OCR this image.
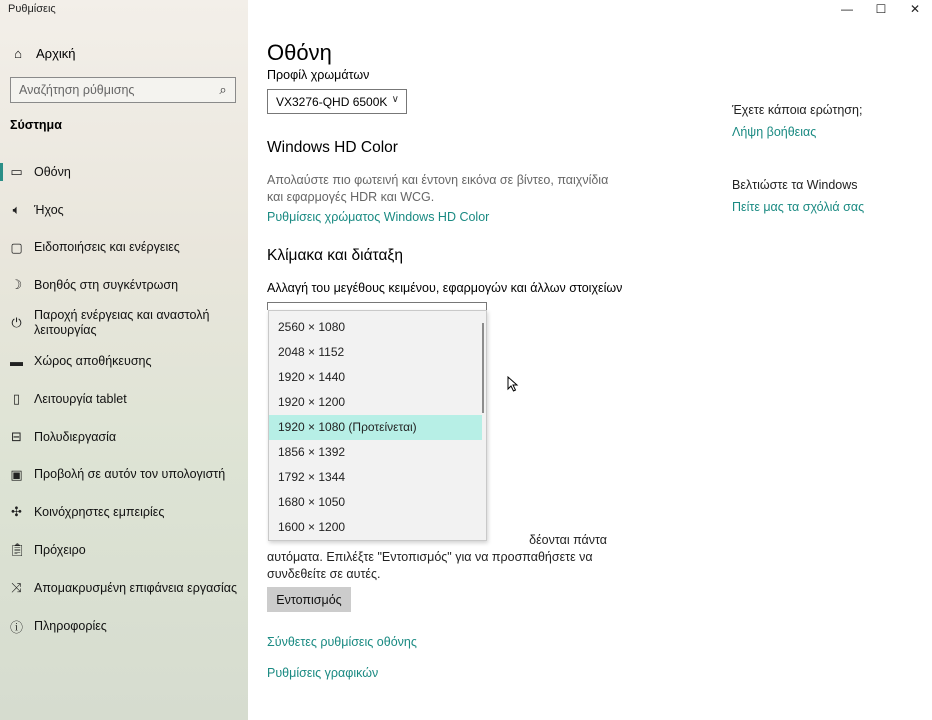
Ρυθμίσεις
⌂	Αρχική
Αναζήτηση ρύθμισης
⌕
Σύστημα
▭ Οθόνη
🔈︎ Ήχος
▢ Ειδοποιήσεις και ενέργειες
☽ Βοηθός στη συγκέντρωση
⏻ Παροχή ενέργειας και αναστολή λειτουργίας
▬ Χώρος αποθήκευσης
▯	Λειτουργία tablet
⊟ Πολυδιεργασία
▣ Προβολή σε αυτόν τον υπολογιστή
✣ Κοινόχρηστες εμπειρίες
📋︎ Πρόχειρο
⤨ Απομακρυσμένη επιφάνεια εργασίας
ⓘ Πληροφορίες
Οθόνη
Προφίλ χρωμάτων
VX3276-QHD 6500K ∨
Windows HD Color
Απολαύστε πιο φωτεινή και έντονη εικόνα σε βίντεο, παιχνίδια και εφαρμογές HDR και WCG.
Ρυθμίσεις χρώματος Windows HD Color
Κλίμακα και διάταξη
Αλλαγή του μεγέθους κειμένου, εφαρμογών και άλλων στοιχείων
δέονται πάντα
αυτόματα. Επιλέξτε "Εντοπισμός" για να προσπαθήσετε να
συνδεθείτε σε αυτές.
Εντοπισμός
Σύνθετες ρυθμίσεις οθόνης
Ρυθμίσεις γραφικών
Έχετε κάποια ερώτηση;
Λήψη βοήθειας
Βελτιώστε τα Windows
Πείτε μας τα σχόλιά σας
2560 × 1080
2048 × 1152
1920 × 1440
1920 × 1200
1920 × 1080 (Προτείνεται)
1856 × 1392
1792 × 1344
1680 × 1050
1600 × 1200
—	☐	✕
